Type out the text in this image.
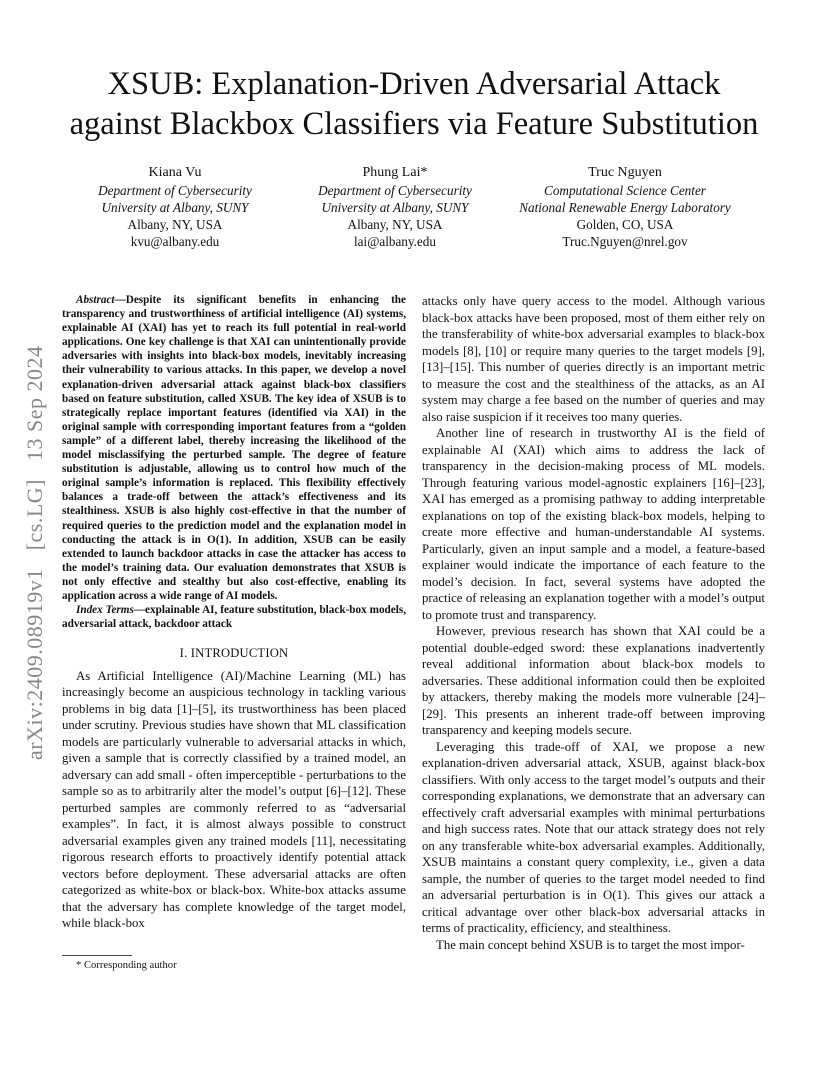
arXiv:2409.08919v1   [cs.LG]   13 Sep 2024
XSUB: Explanation-Driven Adversarial Attack
against Blackbox Classifiers via Feature Substitution
Kiana Vu
Department of Cybersecurity
University at Albany, SUNY
Albany, NY, USA
kvu@albany.edu
Phung Lai*
Department of Cybersecurity
University at Albany, SUNY
Albany, NY, USA
lai@albany.edu
Truc Nguyen
Computational Science Center
National Renewable Energy Laboratory
Golden, CO, USA
Truc.Nguyen@nrel.gov

Abstract—Despite its significant benefits in enhancing the transparency and trustworthiness of artificial intelligence (AI) systems, explainable AI (XAI) has yet to reach its full potential in real-world applications. One key challenge is that XAI can unintentionally provide adversaries with insights into black-box models, inevitably increasing their vulnerability to various attacks. In this paper, we develop a novel explanation-driven adversarial attack against black-box classifiers based on feature substitution, called XSUB. The key idea of XSUB is to strategically replace important features (identified via XAI) in the original sample with corresponding important features from a “golden sample” of a different label, thereby increasing the likelihood of the model misclassifying the perturbed sample. The degree of feature substitution is adjustable, allowing us to control how much of the original sample’s information is replaced. This flexibility effectively balances a trade-off between the attack’s effectiveness and its stealthiness. XSUB is also highly cost-effective in that the number of required queries to the prediction model and the explanation model in conducting the attack is in O(1). In addition, XSUB can be easily extended to launch backdoor attacks in case the attacker has access to the model’s training data. Our evaluation demonstrates that XSUB is not only effective and stealthy but also cost-effective, enabling its application across a wide range of AI models.

Index Terms—explainable AI, feature substitution, black-box models, adversarial attack, backdoor attack

I. INTRODUCTION

As Artificial Intelligence (AI)/Machine Learning (ML) has increasingly become an auspicious technology in tackling various problems in big data [1]–[5], its trustworthiness has been placed under scrutiny. Previous studies have shown that ML classification models are particularly vulnerable to adversarial attacks in which, given a sample that is correctly classified by a trained model, an adversary can add small - often imperceptible - perturbations to the sample so as to arbitrarily alter the model’s output [6]–[12]. These perturbed samples are commonly referred to as “adversarial examples”. In fact, it is almost always possible to construct adversarial examples given any trained models [11], necessitating rigorous research efforts to proactively identify potential attack vectors before deployment. These adversarial attacks are often categorized as white-box or black-box. White-box attacks assume that the adversary has complete knowledge of the target model, while black-box

attacks only have query access to the model. Although various black-box attacks have been proposed, most of them either rely on the transferability of white-box adversarial examples to black-box models [8], [10] or require many queries to the target models [9], [13]–[15]. This number of queries directly is an important metric to measure the cost and the stealthiness of the attacks, as an AI system may charge a fee based on the number of queries and may also raise suspicion if it receives too many queries.

Another line of research in trustworthy AI is the field of explainable AI (XAI) which aims to address the lack of transparency in the decision-making process of ML models. Through featuring various model-agnostic explainers [16]–[23], XAI has emerged as a promising pathway to adding interpretable explanations on top of the existing black-box models, helping to create more effective and human-understandable AI systems. Particularly, given an input sample and a model, a feature-based explainer would indicate the importance of each feature to the model’s decision. In fact, several systems have adopted the practice of releasing an explanation together with a model’s output to promote trust and transparency.

However, previous research has shown that XAI could be a potential double-edged sword: these explanations inadvertently reveal additional information about black-box models to adversaries. These additional information could then be exploited by attackers, thereby making the models more vulnerable [24]–[29]. This presents an inherent trade-off between improving transparency and keeping models secure.

Leveraging this trade-off of XAI, we propose a new explanation-driven adversarial attack, XSUB, against black-box classifiers. With only access to the target model’s outputs and their corresponding explanations, we demonstrate that an adversary can effectively craft adversarial examples with minimal perturbations and high success rates. Note that our attack strategy does not rely on any transferable white-box adversarial examples. Additionally, XSUB maintains a constant query complexity, i.e., given a data sample, the number of queries to the target model needed to find an adversarial perturbation is in O(1). This gives our attack a critical advantage over other black-box adversarial attacks in terms of practicality, efficiency, and stealthiness.

The main concept behind XSUB is to target the most impor-

* Corresponding author
